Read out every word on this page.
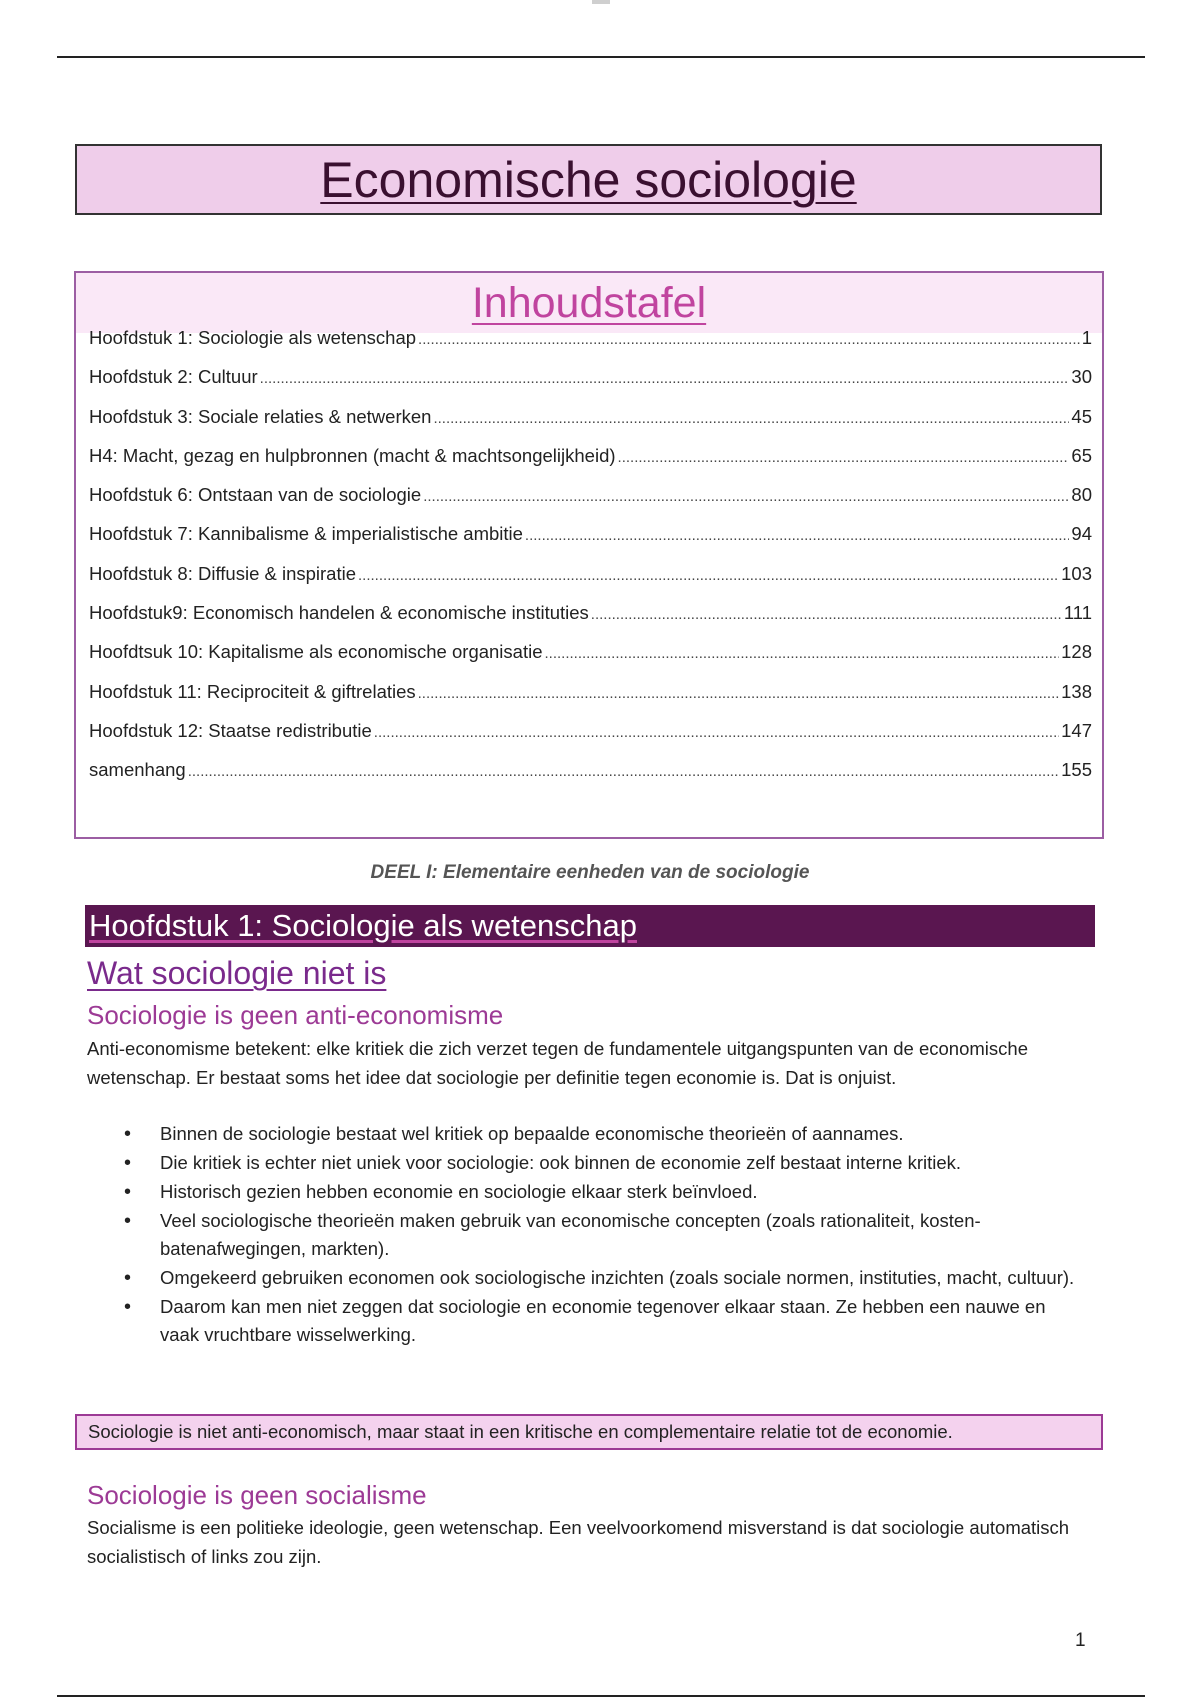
Economische sociologie
Inhoudstafel
Hoofdstuk 1: Sociologie als wetenschap .....	1
Hoofdstuk 2: Cultuur .....	30
Hoofdstuk 3: Sociale relaties & netwerken .....	45
H4: Macht, gezag en hulpbronnen (macht & machtsongelijkheid) .....	65
Hoofdstuk 6: Ontstaan van de sociologie .....	80
Hoofdstuk 7: Kannibalisme & imperialistische ambitie .....	94
Hoofdstuk 8: Diffusie & inspiratie .....	103
Hoofdstuk9: Economisch handelen & economische instituties .....	111
Hoofdtsuk 10: Kapitalisme als economische organisatie .....	128
Hoofdstuk 11: Reciprociteit & giftrelaties .....	138
Hoofdstuk 12: Staatse redistributie .....	147
samenhang .....	155
DEEL I: Elementaire eenheden van de sociologie
Hoofdstuk 1: Sociologie als wetenschap
Wat sociologie niet is
Sociologie is geen anti-economisme
Anti-economisme betekent: elke kritiek die zich verzet tegen de fundamentele uitgangspunten van de economische wetenschap. Er bestaat soms het idee dat sociologie per definitie tegen economie is. Dat is onjuist.
• Binnen de sociologie bestaat wel kritiek op bepaalde economische theorieën of aannames.
• Die kritiek is echter niet uniek voor sociologie: ook binnen de economie zelf bestaat interne kritiek.
• Historisch gezien hebben economie en sociologie elkaar sterk beïnvloed.
• Veel sociologische theorieën maken gebruik van economische concepten (zoals rationaliteit, kosten-batenafwegingen, markten).
• Omgekeerd gebruiken economen ook sociologische inzichten (zoals sociale normen, instituties, macht, cultuur).
• Daarom kan men niet zeggen dat sociologie en economie tegenover elkaar staan. Ze hebben een nauwe en vaak vruchtbare wisselwerking.
Sociologie is niet anti-economisch, maar staat in een kritische en complementaire relatie tot de economie.
Sociologie is geen socialisme
Socialisme is een politieke ideologie, geen wetenschap. Een veelvoorkomend misverstand is dat sociologie automatisch socialistisch of links zou zijn.
1
